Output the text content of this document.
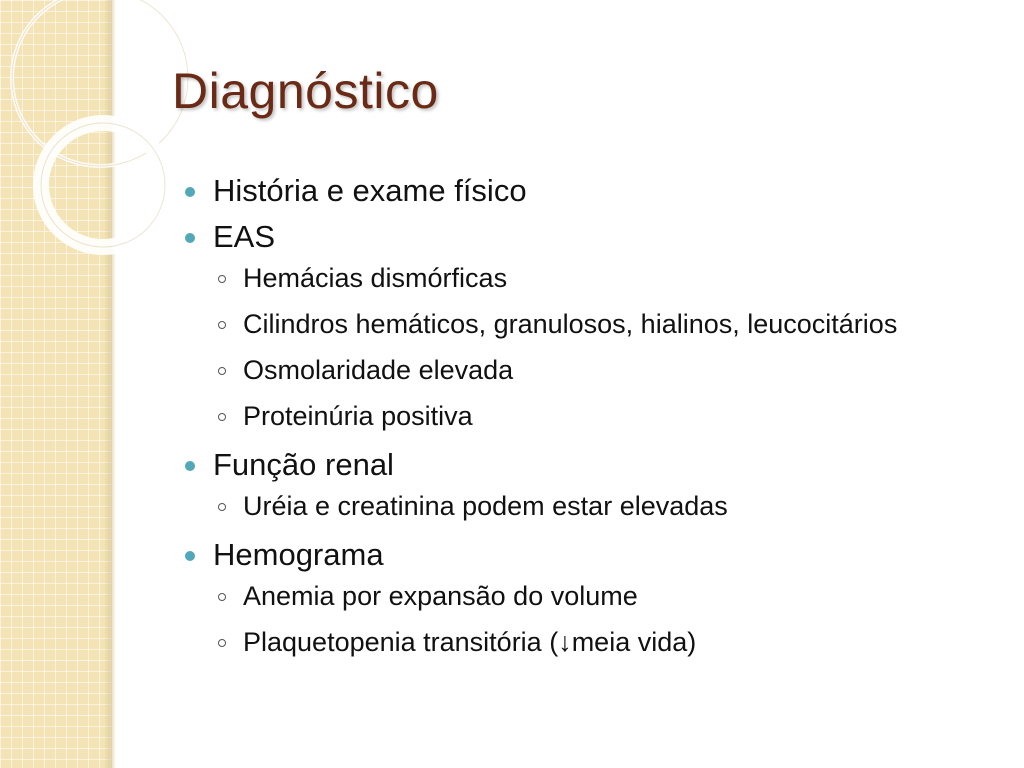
Diagnóstico
História e exame físico
EAS
Hemácias dismórficas
Cilindros hemáticos, granulosos, hialinos, leucocitários
Osmolaridade elevada
Proteinúria positiva
Função renal
Uréia e creatinina podem estar elevadas
Hemograma
Anemia por expansão do volume
Plaquetopenia transitória (↓meia vida)
